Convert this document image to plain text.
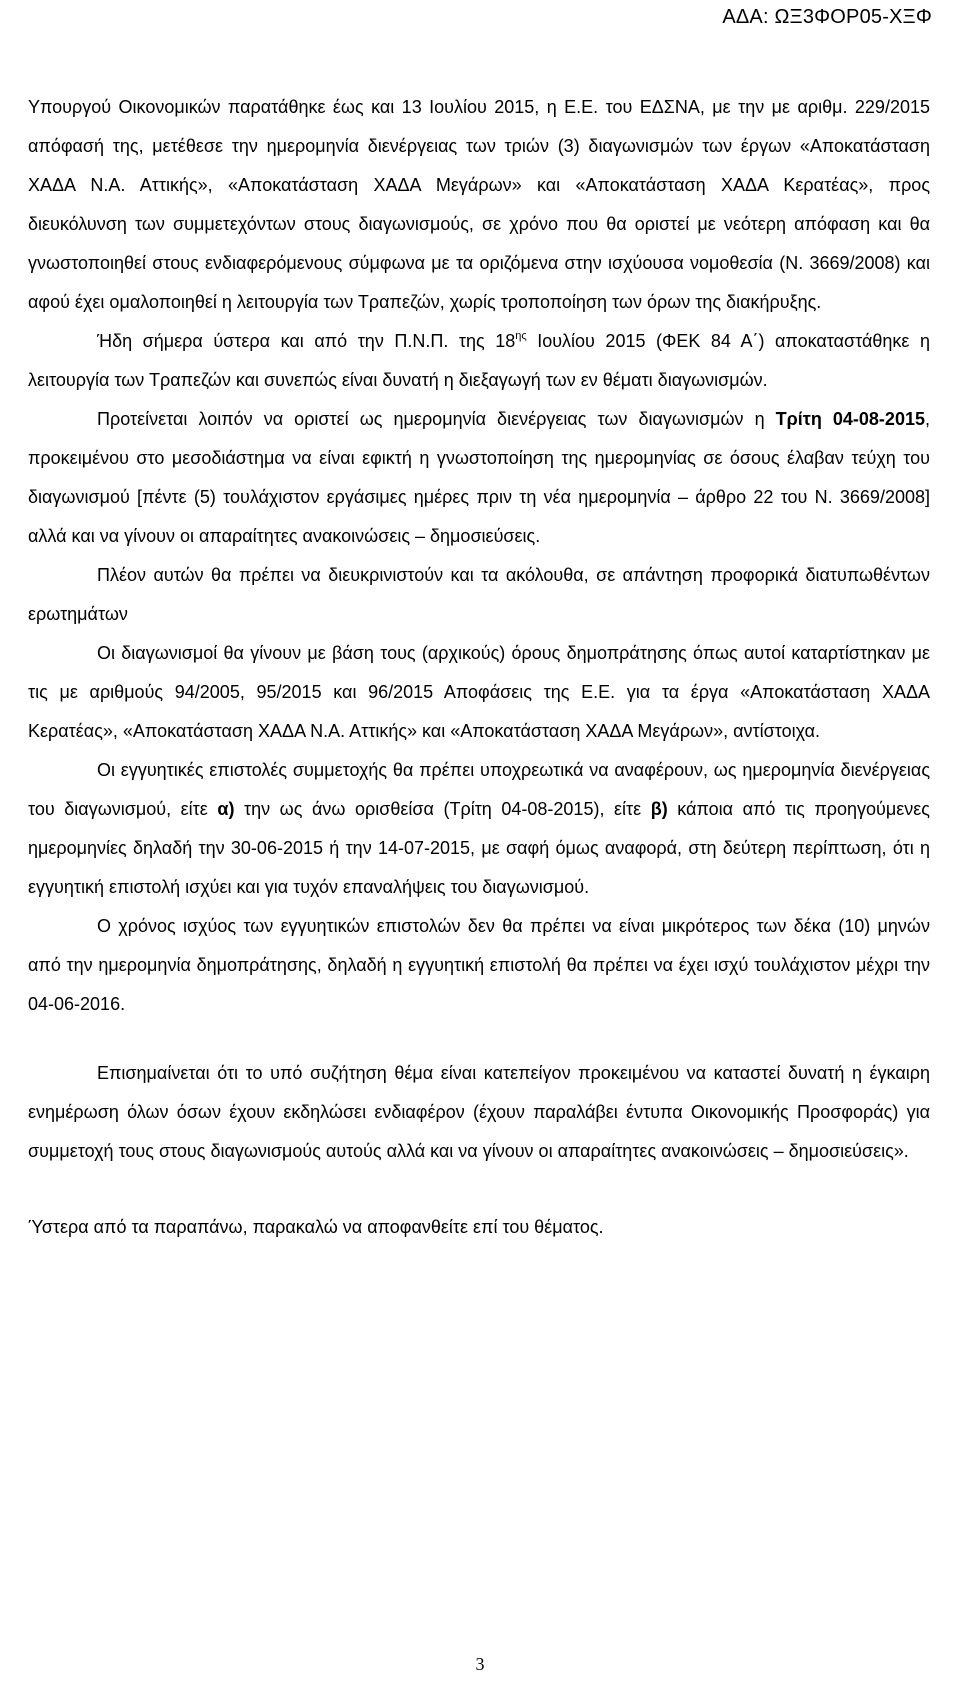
ΑΔΑ: ΩΞ3ΦΟΡ05-ΧΞΦ

Υπουργού Οικονομικών παρατάθηκε έως και 13 Ιουλίου 2015, η Ε.Ε. του ΕΔΣΝΑ, με την με αριθμ. 229/2015 απόφασή της, μετέθεσε την ημερομηνία διενέργειας των τριών (3) διαγωνισμών των έργων «Αποκατάσταση ΧΑΔΑ Ν.Α. Αττικής», «Αποκατάσταση ΧΑΔΑ Μεγάρων» και «Αποκατάσταση ΧΑΔΑ Κερατέας», προς διευκόλυνση των συμμετεχόντων στους διαγωνισμούς, σε χρόνο που θα οριστεί με νεότερη απόφαση και θα γνωστοποιηθεί στους ενδιαφερόμενους σύμφωνα με τα οριζόμενα στην ισχύουσα νομοθεσία (Ν. 3669/2008) και αφού έχει ομαλοποιηθεί η λειτουργία των Τραπεζών, χωρίς τροποποίηση των όρων της διακήρυξης.

Ήδη σήμερα ύστερα και από την Π.Ν.Π. της $18^{\eta\varsigma}$ Ιουλίου 2015 (ΦΕΚ 84 Α΄) αποκαταστάθηκε η λειτουργία των Τραπεζών και συνεπώς είναι δυνατή η διεξαγωγή των εν θέματι διαγωνισμών.

Προτείνεται λοιπόν να οριστεί ως ημερομηνία διενέργειας των διαγωνισμών η Τρίτη 04-08-2015, προκειμένου στο μεσοδιάστημα να είναι εφικτή η γνωστοποίηση της ημερομηνίας σε όσους έλαβαν τεύχη του διαγωνισμού [πέντε (5) τουλάχιστον εργάσιμες ημέρες πριν τη νέα ημερομηνία – άρθρο 22 του Ν. 3669/2008] αλλά και να γίνουν οι απαραίτητες ανακοινώσεις – δημοσιεύσεις.

Πλέον αυτών θα πρέπει να διευκρινιστούν και τα ακόλουθα, σε απάντηση προφορικά διατυπωθέντων ερωτημάτων

Οι διαγωνισμοί θα γίνουν με βάση τους (αρχικούς) όρους δημοπράτησης όπως αυτοί καταρτίστηκαν με τις με αριθμούς 94/2005, 95/2015 και 96/2015 Αποφάσεις της Ε.Ε. για τα έργα «Αποκατάσταση ΧΑΔΑ Κερατέας», «Αποκατάσταση ΧΑΔΑ Ν.Α. Αττικής» και «Αποκατάσταση ΧΑΔΑ Μεγάρων», αντίστοιχα.

Οι εγγυητικές επιστολές συμμετοχής θα πρέπει υποχρεωτικά να αναφέρουν, ως ημερομηνία διενέργειας του διαγωνισμού, είτε α) την ως άνω ορισθείσα (Τρίτη 04-08-2015), είτε β) κάποια από τις προηγούμενες ημερομηνίες δηλαδή την 30-06-2015 ή την 14-07-2015, με σαφή όμως αναφορά, στη δεύτερη περίπτωση, ότι η εγγυητική επιστολή ισχύει και για τυχόν επαναλήψεις του διαγωνισμού.

Ο χρόνος ισχύος των εγγυητικών επιστολών δεν θα πρέπει να είναι μικρότερος των δέκα (10) μηνών από την ημερομηνία δημοπράτησης, δηλαδή η εγγυητική επιστολή θα πρέπει να έχει ισχύ τουλάχιστον μέχρι την 04-06-2016.

Επισημαίνεται ότι το υπό συζήτηση θέμα είναι κατεπείγον προκειμένου να καταστεί δυνατή η έγκαιρη ενημέρωση όλων όσων έχουν εκδηλώσει ενδιαφέρον (έχουν παραλάβει έντυπα Οικονομικής Προσφοράς) για συμμετοχή τους στους διαγωνισμούς αυτούς αλλά και να γίνουν οι απαραίτητες ανακοινώσεις – δημοσιεύσεις».

Ύστερα από τα παραπάνω, παρακαλώ να αποφανθείτε επί του θέματος.

3
